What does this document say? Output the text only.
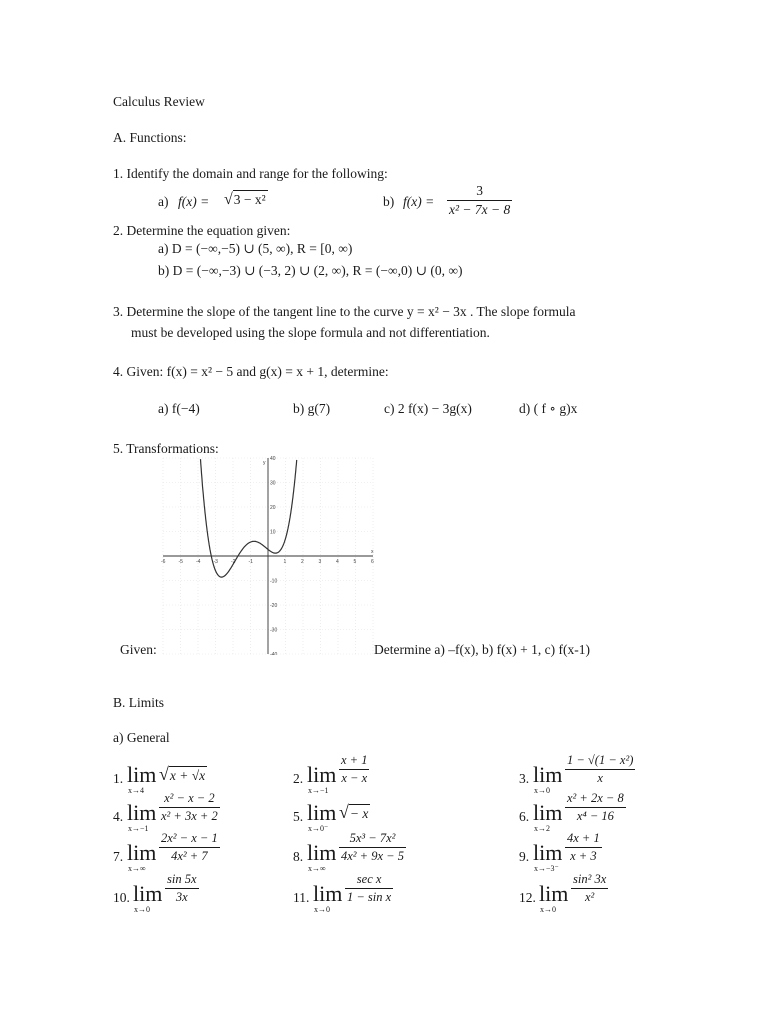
Calculus Review
A. Functions:
1. Identify the domain and range for the following:
a) f(x) = √3 − x²	b) f(x) =
3
x² − 7x − 8
2. Determine the equation given:
a) D = (−∞,−5) ∪ (5, ∞), R = [0, ∞)
b) D = (−∞,−3) ∪ (−3, 2) ∪ (2, ∞), R = (−∞,0) ∪ (0, ∞)
3. Determine the slope of the tangent line to the curve y = x² − 3x . The slope formula
must be developed using the slope formula and not differentiation.
4. Given: f(x) = x² − 5 and g(x) = x + 1, determine:
a) f(−4)	b) g(7)	c) 2 f(x) − 3g(x)	d) ( f ∘ g)x
5. Transformations:
-6	-5	-4	-3	-2	-1	1	2	3	4	5	6
40
30
20
10
-10
-20
-30
-40
x
y
Given:	Determine a) –f(x), b) f(x) + 1, c) f(x-1)
B. Limits
a) General
1. lim
x→4
√x + √x	2. lim
x→−1
x + 1
x − x	3. lim
x→0
1 − √(1 − x²)
x
4. lim
x→−1
x² − x − 2
x² + 3x + 2	5. lim
x→0⁻
√− x	6. lim
x→2
x² + 2x − 8
x⁴ − 16
7. lim
x→∞
2x² − x − 1
4x² + 7	8. lim
x→∞
5x³ − 7x²
4x² + 9x − 5	9. lim
x→−3⁻
4x + 1
x + 3
10. lim
x→0
sin 5x
3x	11. lim
x→0
sec x
1 − sin x	12. lim
x→0
sin² 3x
x²
